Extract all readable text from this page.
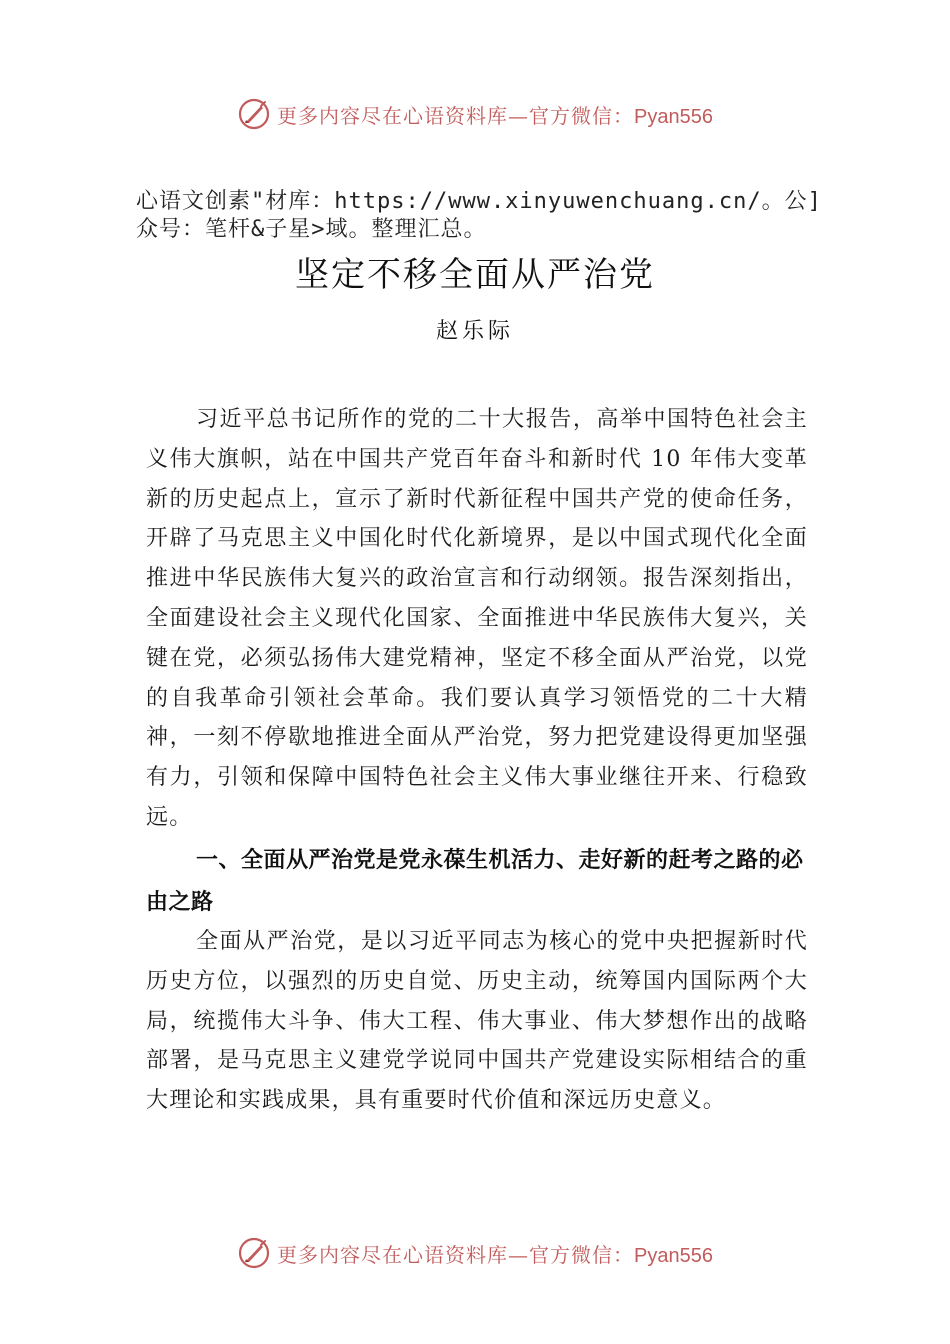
更多内容尽在心语资料库—官方微信：Pyan556
心语文创素"材库：https://www.xinyuwenchuang.cn/。公]众号：笔杆&子星>域。整理汇总。
坚定不移全面从严治党
赵乐际

习近平总书记所作的党的二十大报告，高举中国特色社会主义伟大旗帜，站在中国共产党百年奋斗和新时代 10 年伟大变革新的历史起点上，宣示了新时代新征程中国共产党的使命任务，开辟了马克思主义中国化时代化新境界，是以中国式现代化全面推进中华民族伟大复兴的政治宣言和行动纲领。报告深刻指出，全面建设社会主义现代化国家、全面推进中华民族伟大复兴，关键在党，必须弘扬伟大建党精神，坚定不移全面从严治党，以党的自我革命引领社会革命。我们要认真学习领悟党的二十大精神，一刻不停歇地推进全面从严治党，努力把党建设得更加坚强有力，引领和保障中国特色社会主义伟大事业继往开来、行稳致远。

一、全面从严治党是党永葆生机活力、走好新的赶考之路的必由之路

全面从严治党，是以习近平同志为核心的党中央把握新时代历史方位，以强烈的历史自觉、历史主动，统筹国内国际两个大局，统揽伟大斗争、伟大工程、伟大事业、伟大梦想作出的战略部署，是马克思主义建党学说同中国共产党建设实际相结合的重大理论和实践成果，具有重要时代价值和深远历史意义。

更多内容尽在心语资料库—官方微信：Pyan556
